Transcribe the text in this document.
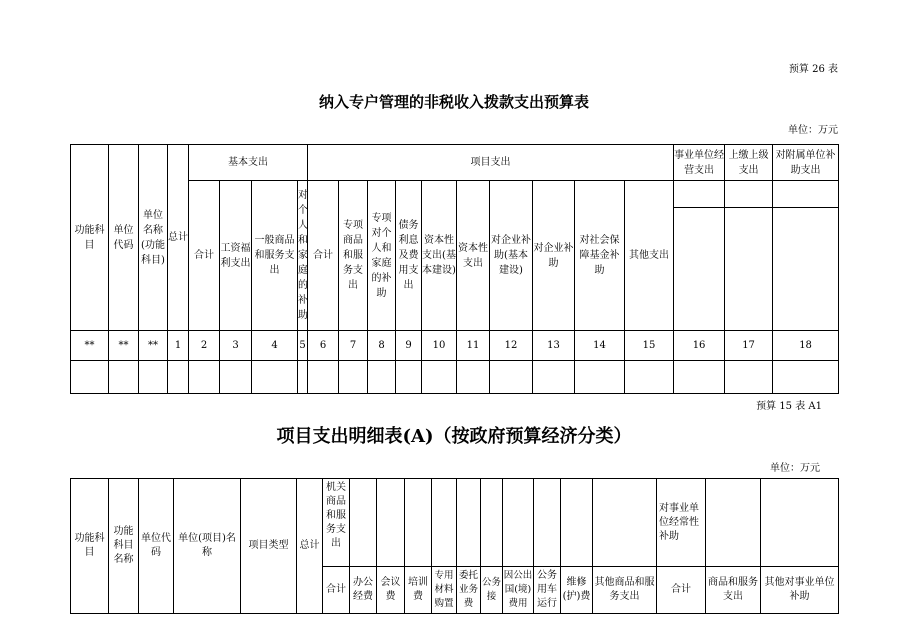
预算 26 表
纳入专户管理的非税收入拨款支出预算表
单位：万元
功能科目	单位代码	单位名称(功能科目)	总计	基本支出				项目支出										事业单位经营支出	上缴上级支出	对附属单位补助支出
				合计	工资福利支出	一般商品和服务支出	对个人和家庭的补助	合计	专项商品和服务支出	专项对个人和家庭的补助	债务利息及费用支出	资本性支出(基本建设)	资本性支出	对企业补助(基本建设)	对企业补助	对社会保障基金补助	其他支出			

**	**	**	1	2	3	4	5	6	7	8	9	10	11	12	13	14	15	16	17	18

预算 15 表 A1
项目支出明细表(A)（按政府预算经济分类）
单位：万元
功能科目	功能科目名称	单位代码	单位(项目)名称	项目类型	总计	机关商品和服务支出											对事业单位经常性补助		
						合计	办公经费	会议费	培训费	专用材料购置	委托业务费	公务接	因公出国(境)费用	公务用车运行	维修(护)费	其他商品和服务支出	合计	商品和服务支出	其他对事业单位补助
